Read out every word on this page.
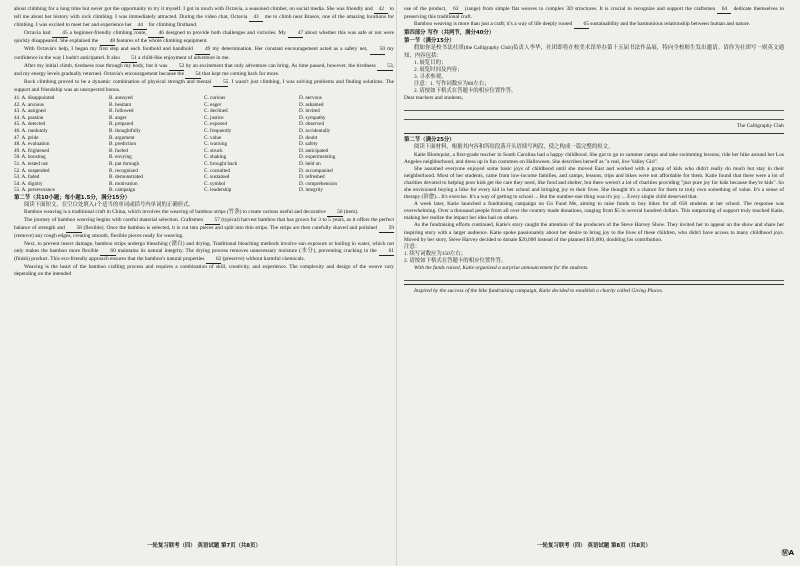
about climbing for a long time but never got the opportunity to try it myself. I got in touch with Octavia, a seasoned climber, on social media. She was friendly and 42 to tell me about her history with rock climbing. I was immediately attracted. During the video chat, Octavia 43 me to climb near Brasov, one of the amazing locations for climbing. I was excited to meet her and experience her 44 for climbing firsthand.

Octavia had 45 a beginner-friendly climbing route, 46 designed to provide both challenges and victories. My 47 about whether this was safe or not were quickly disappeared. She explained the 48 features of the whole climbing equipment.

With Octavia's help, I began my first step and each foothold and handhold 49 my determination. Her constant encouragement acted as a safety net, 50 my confidence in the way I hadn't anticipated. It also 51 a child-like enjoyment of adventure in me.

After my initial climb, tiredness rose through my body, but it was 52 by an excitement that only adventure can bring. As time passed, however, the tiredness 53, and my energy levels gradually returned. Octavia's encouragement because the 54 that kept me coming back for more.

Rock climbing proved to be a dynamic combination of physical strength and mental 55. I wasn't just climbing, I was solving problems and finding solutions. The support and friendship was an unexpected bonus.

41. A. disappointed	B. annoyed	C. curious	D. nervous
42. A. anxious	B. hesitant	C. eager	D. ashamed
43. A. assigned	B. followed	C. declined	D. invited
44. A. passion	B. anger	C. justice	D. sympathy
45. A. detected	B. prepared	C. exposed	D. observed
46. A. randomly	B. thoughtfully	C. frequently	D. accidentally
47. A. pride	B. argument	C. value	D. doubt
48. A. evaluation	B. prediction	C. warning	D. safety
49. A. frightened	B. fueled	C. struck	D. anticipated
50. A. boosting	B. envying	C. shaking	D. experimenting
51. A. tested out	B. put through	C. brought back	D. held on
52. A. suspended	B. recognized	C. consulted	D. accompanied
53. A. faded	B. demonstrated	C. sustained	D. refreshed
54. A. dignity	B. motivation	C. symbol	D. comprehension
55. A. perseverance	B. campaign	C. leadership	D. integrity
第二节（共10小题；每小题1.5分，满分15分）

阅读下面短文，在空白处填入1个适当的单词或括号内单词的正确形式。

Bamboo weaving is a traditional craft in China, which involves the weaving of bamboo strips (竹条) to create various useful and decorative 56 (item).

The journey of bamboo weaving begins with careful material selection. Craftsmen 57 (typical) harvest bamboo that has grown for 3 to 5 years, as it offers the perfect balance of strength and 58 (flexible). Once the bamboo is selected, it is cut into pieces and split into thin strips. The strips are then carefully shaved and polished 59 (remove) any rough edges, creating smooth, flexible pieces ready for weaving.

Next, to prevent insect damage, bamboo strips undergo bleaching (漂白) and drying. Traditional bleaching methods involve sun exposure or boiling in water, which not only makes the bamboo more flexible 60 maintains its natural integrity. The drying process removes unnecessary moisture (水分), preventing cracking in the 61 (finish) product. This eco-friendly approach ensures that the bamboo's natural properties 62 (preserve) without harmful chemicals.

Weaving is the heart of the bamboo crafting process and requires a combination of skill, creativity, and experience. The complexity and design of the weave vary depending on the intended

一轮复习联考（四） 英语试题 第7页（共8页）

use of the product, 63 (range) from simple flat weaves to complex 3D structures. It is crucial to recognize and support the craftsmen 64 dedicate themselves to preserving this traditional craft.

Bamboo weaving is more than just a craft; it's a way of life deeply rooted 65 sustainability and the harmonious relationship between human and nature.

第四部分 写作（共两节，满分40分）
第一节（满分15分）

假如你是校书法社团(the Calligraphy Club)负责人李华，社团即将在校美术馆举办第十五届书法作品展，特向全校师生发出邀请。请你为社团写一则英文通知，内容包括：

1. 展览目的；

2. 展览时间及内容；

3. 寻求参观。

注意：1. 写作词数应为80左右；

2. 请按如下格式在答题卡的相应位置作答。

Dear teachers and students,

The Calligraphy Club
第二节（满分25分）

阅读下面材料，根据其内容和所给段落开头语续写两段，使之构成一篇完整的短文。

Katie Blomquist, a first-grade teacher in South Carolina had a happy childhood. She got to go to summer camps and take swimming lessons, ride her bike around her Los Angeles neighborhood, and dress up in fun costumes on Halloween. She describes herself as "a real, live Valley Girl".

She assumed everyone enjoyed some basic joys of childhood until she moved East and worked with a group of kids who didn't really do much but stay in their neighborhood. Most of her students, came from low-income families, and camps, lessons, trips and bikes were not affordable for them. Katie found that there were a lot of charities devoted to helping poor kids get the care they need, like food and shelter, but there weren't a lot of charities providing "just pure joy for kids because they're kids". So she envisioned buying a bike for every kid in her school and bringing joy to their lives. She thought it's a chance for them to truly own something of value. It's a sense of therapy (治愈)... It's exercise. It's a way of getting to school ... But the number-one thing was it's joy ... Every single child deserved that.

A week later, Katie launched a fundraising campaign on Go Fund Me, aiming to raise funds to buy bikes for all 650 students at her school. The response was overwhelming. Over a thousand people from all over the country made donations, ranging from $5 to several hundred dollars. This outpouring of support truly touched Katie, making her realize the impact her idea had on others.

As the fundraising efforts continued, Katie's story caught the attention of the producers of the Steve Harvey Show. They invited her to appear on the show and share her inspiring story with a larger audience. Katie spoke passionately about her desire to bring joy to the lives of these children, who didn't have access to many childhood joys. Moved by her story, Steve Harvey decided to donate $20,000 instead of the planned $10,000, doubling his contribution.

注意：

1. 续写词数应为150左右；

2. 请按如下格式在答题卡的相应位置作答。

With the funds raised, Katie organized a surprise announcement for the students.

Inspired by the success of the bike fundraising campaign, Katie decided to establish a charity called Giving Places.

一轮复习联考（四） 英语试题 第8页（共8页）
ⓌA
